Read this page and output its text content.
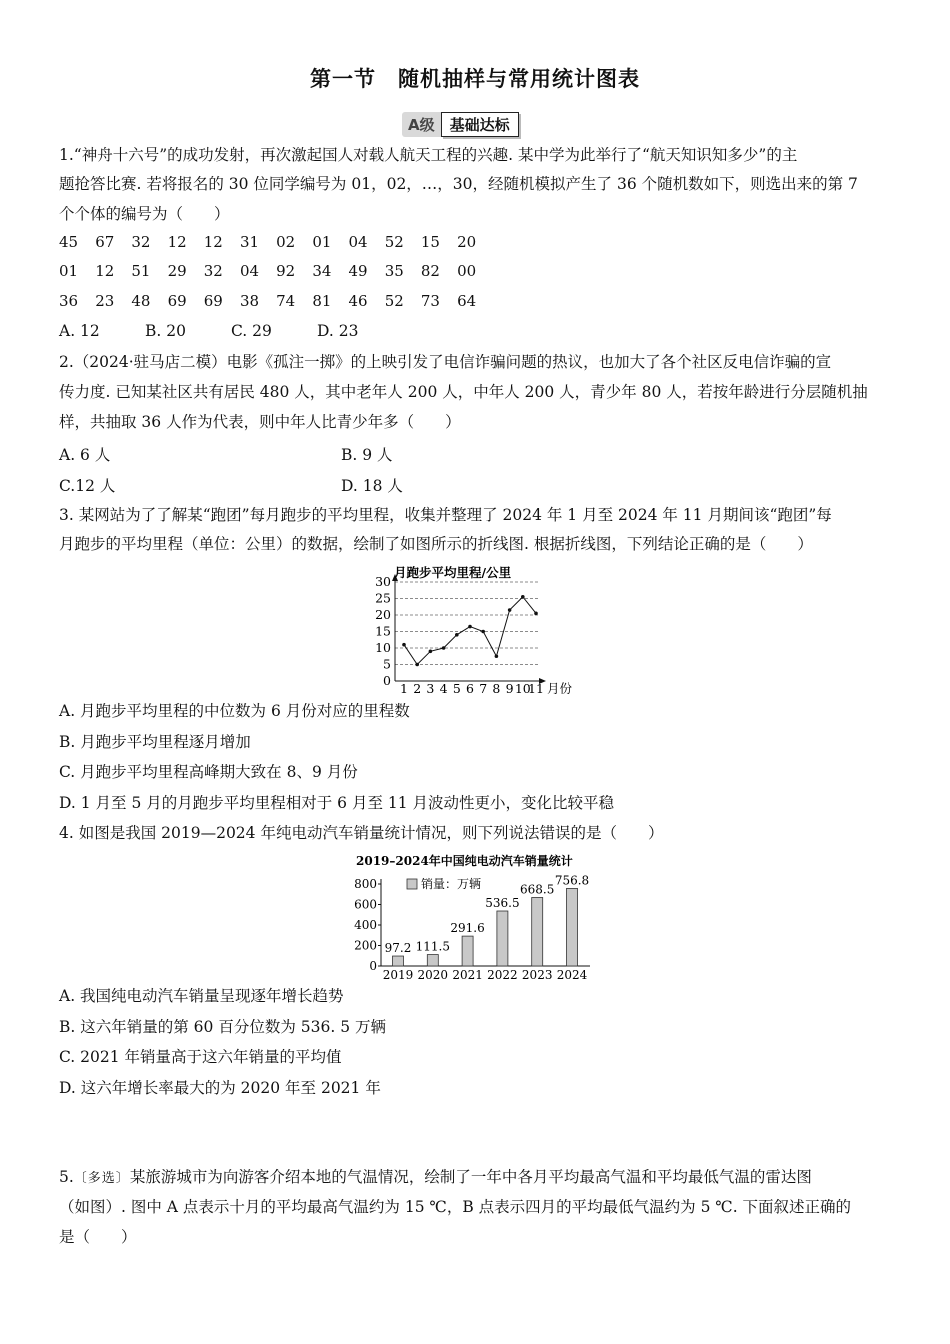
第一节　随机抽样与常用统计图表
A级	基础达标
1.“神舟十六号”的成功发射，再次激起国人对载人航天工程的兴趣. 某中学为此举行了“航天知识知多少”的主
题抢答比赛. 若将报名的 30 位同学编号为 01，02，…，30，经随机模拟产生了 36 个随机数如下，则选出来的第 7
个个体的编号为（　　）
45	67	32	12	12	31	02	01	04	52	15	20
01	12	51	29	32	04	92	34	49	35	82	00
36	23	48	69	69	38	74	81	46	52	73	64
A. 12	B. 20	C. 29	D. 23
2.（2024·驻马店二模）电影《孤注一掷》的上映引发了电信诈骗问题的热议，也加大了各个社区反电信诈骗的宣
传力度. 已知某社区共有居民 480 人，其中老年人 200 人，中年人 200 人，青少年 80 人，若按年龄进行分层随机抽
样，共抽取 36 人作为代表，则中年人比青少年多（　　）
A. 6 人	B. 9 人
C.12 人	D. 18 人
3. 某网站为了了解某“跑团”每月跑步的平均里程，收集并整理了 2024 年 1 月至 2024 年 11 月期间该“跑团”每
月跑步的平均里程（单位：公里）的数据，绘制了如图所示的折线图. 根据折线图，下列结论正确的是（　　）
月跑步平均里程/公里
月份
0
5
10
15
20
25
30
1 2 3 4 5 6 7 8 9 10
11
A. 月跑步平均里程的中位数为 6 月份对应的里程数
B. 月跑步平均里程逐月增加
C. 月跑步平均里程高峰期大致在 8、9 月份
D. 1 月至 5 月的月跑步平均里程相对于 6 月至 11 月波动性更小，变化比较平稳
4. 如图是我国 2019—2024 年纯电动汽车销量统计情况，则下列说法错误的是（　　）
2019–2024年中国纯电动汽车销量统计
销量：万辆
0
200
400
600
800
97.2 111.5
291.6
536.5
668.5
756.8
2019 2020 2021 2022 2023 2024
A. 我国纯电动汽车销量呈现逐年增长趋势
B. 这六年销量的第 60 百分位数为 536. 5 万辆
C. 2021 年销量高于这六年销量的平均值
D. 这六年增长率最大的为 2020 年至 2021 年
5.〔多选〕某旅游城市为向游客介绍本地的气温情况，绘制了一年中各月平均最高气温和平均最低气温的雷达图
（如图）. 图中 A 点表示十月的平均最高气温约为 15 ℃，B 点表示四月的平均最低气温约为 5 ℃. 下面叙述正确的
是（　　）
